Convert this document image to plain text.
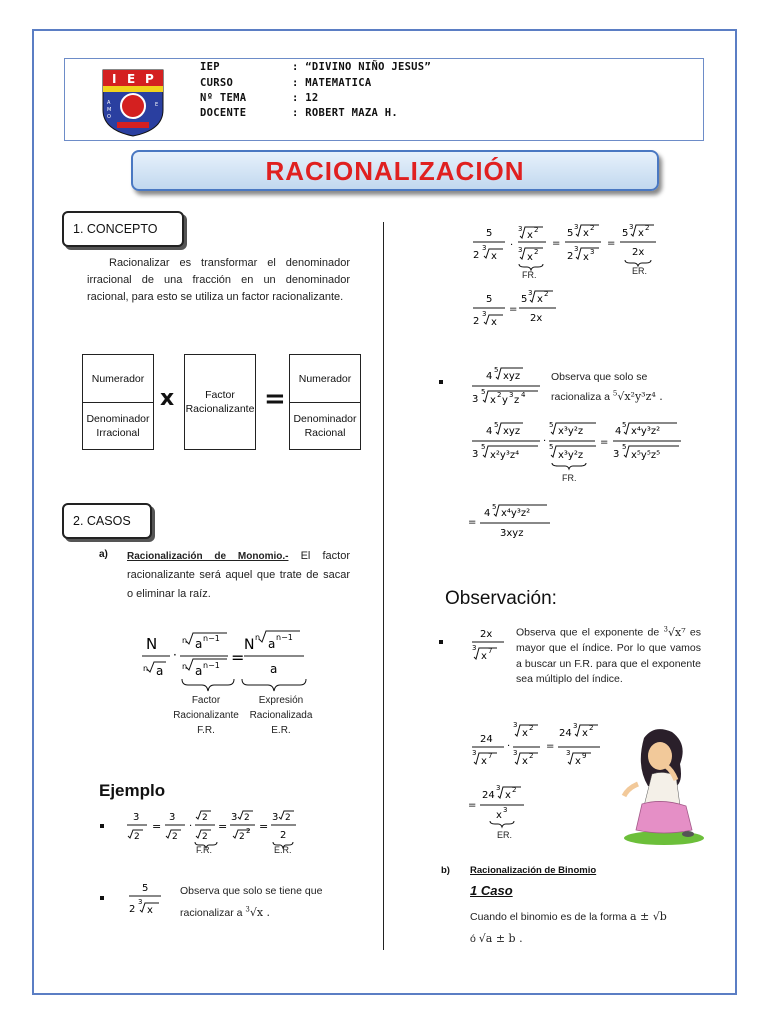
I E P
A
M
O
E
IEP	: “DIVINO NIÑO JESUS”
CURSO	: MATEMATICA
Nº TEMA	: 12
DOCENTE	: ROBERT MAZA H.
RACIONALIZACIÓN
1. CONCEPTO
Racionalizar es transformar el denominador irracional de una fracción en un denominador racional, para esto se utiliza un factor racionalizante.
Numerador
Denominador Irracional
x	Factor Racionalizante =
Numerador
Denominador Racional
2. CASOS
a) Racionalización de Monomio.- El factor racionalizante será aquel que trate de sacar o eliminar la raíz.
N
n a
·
n a n−1
n a n−1 =
N n a n−1
a
Factor Racionalizante F.R.
Expresión Racionalizada E.R.
Ejemplo
3
2
=
3
2
·
2
2
=
3 2
2
2 =
3 2
2
F.R.	E.R.
5
2
3
x
Observa que solo se tiene que racionalizar a $^3$√x .
5
2
3
x
·
3
x 2
3
x 2
=
5
3
x 2
2
3
x 3
=
5
3
x 2
2x
5
2
3
x
=
5
3
x 2
2x
FR.	ER.
4
5
xyz
3
5
x 2 y 3 z 4
Observa que solo se racionaliza a $^5$√x²y³z⁴ .
4
5
xyz
3
5
x²y³z⁴
·
5
x³y²z
5
x³y²z
=
4
5
x⁴y³z²
3
5
x⁵y⁵z⁵
FR.
=
4
5
x⁴y³z²
3xyz
Observación:
2x
3
x 7
Observa que el exponente de $^3$√x⁷ es mayor que el índice. Por lo que vamos a buscar un F.R. para que el exponente sea múltiplo del índice.
24
3
x 7
·
3
x 2
3
x 2
=
24
3
x 2
3
x 9
=
24
3
x 2
x 3
ER.
b) Racionalización de Binomio
1 Caso
Cuando el binomio es de la forma a ± √b
ó √a ± b .
